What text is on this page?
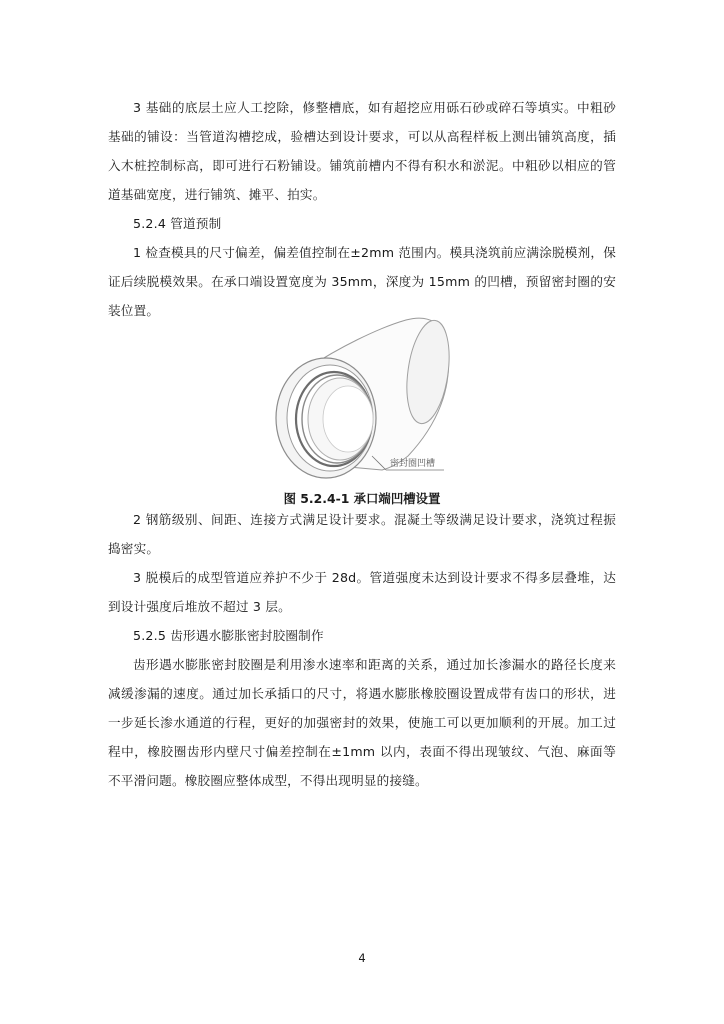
3 基础的底层土应人工挖除，修整槽底，如有超挖应用砾石砂或碎石等填实。中粗砂基础的铺设：当管道沟槽挖成，验槽达到设计要求，可以从高程样板上测出铺筑高度，插入木桩控制标高，即可进行石粉铺设。铺筑前槽内不得有积水和淤泥。中粗砂以相应的管道基础宽度，进行铺筑、摊平、拍实。

5.2.4 管道预制

1 检查模具的尺寸偏差，偏差值控制在±2mm 范围内。模具浇筑前应满涂脱模剂，保证后续脱模效果。在承口端设置宽度为 35mm，深度为 15mm 的凹槽，预留密封圈的安装位置。

密封圈凹槽
图 5.2.4-1 承口端凹槽设置

2 钢筋级别、间距、连接方式满足设计要求。混凝土等级满足设计要求，浇筑过程振捣密实。

3 脱模后的成型管道应养护不少于 28d。管道强度未达到设计要求不得多层叠堆，达到设计强度后堆放不超过 3 层。

5.2.5 齿形遇水膨胀密封胶圈制作

齿形遇水膨胀密封胶圈是利用渗水速率和距离的关系，通过加长渗漏水的路径长度来减缓渗漏的速度。通过加长承插口的尺寸，将遇水膨胀橡胶圈设置成带有齿口的形状，进一步延长渗水通道的行程，更好的加强密封的效果，使施工可以更加顺利的开展。加工过程中，橡胶圈齿形内壁尺寸偏差控制在±1mm 以内，表面不得出现皱纹、气泡、麻面等不平滑问题。橡胶圈应整体成型，不得出现明显的接缝。

4
